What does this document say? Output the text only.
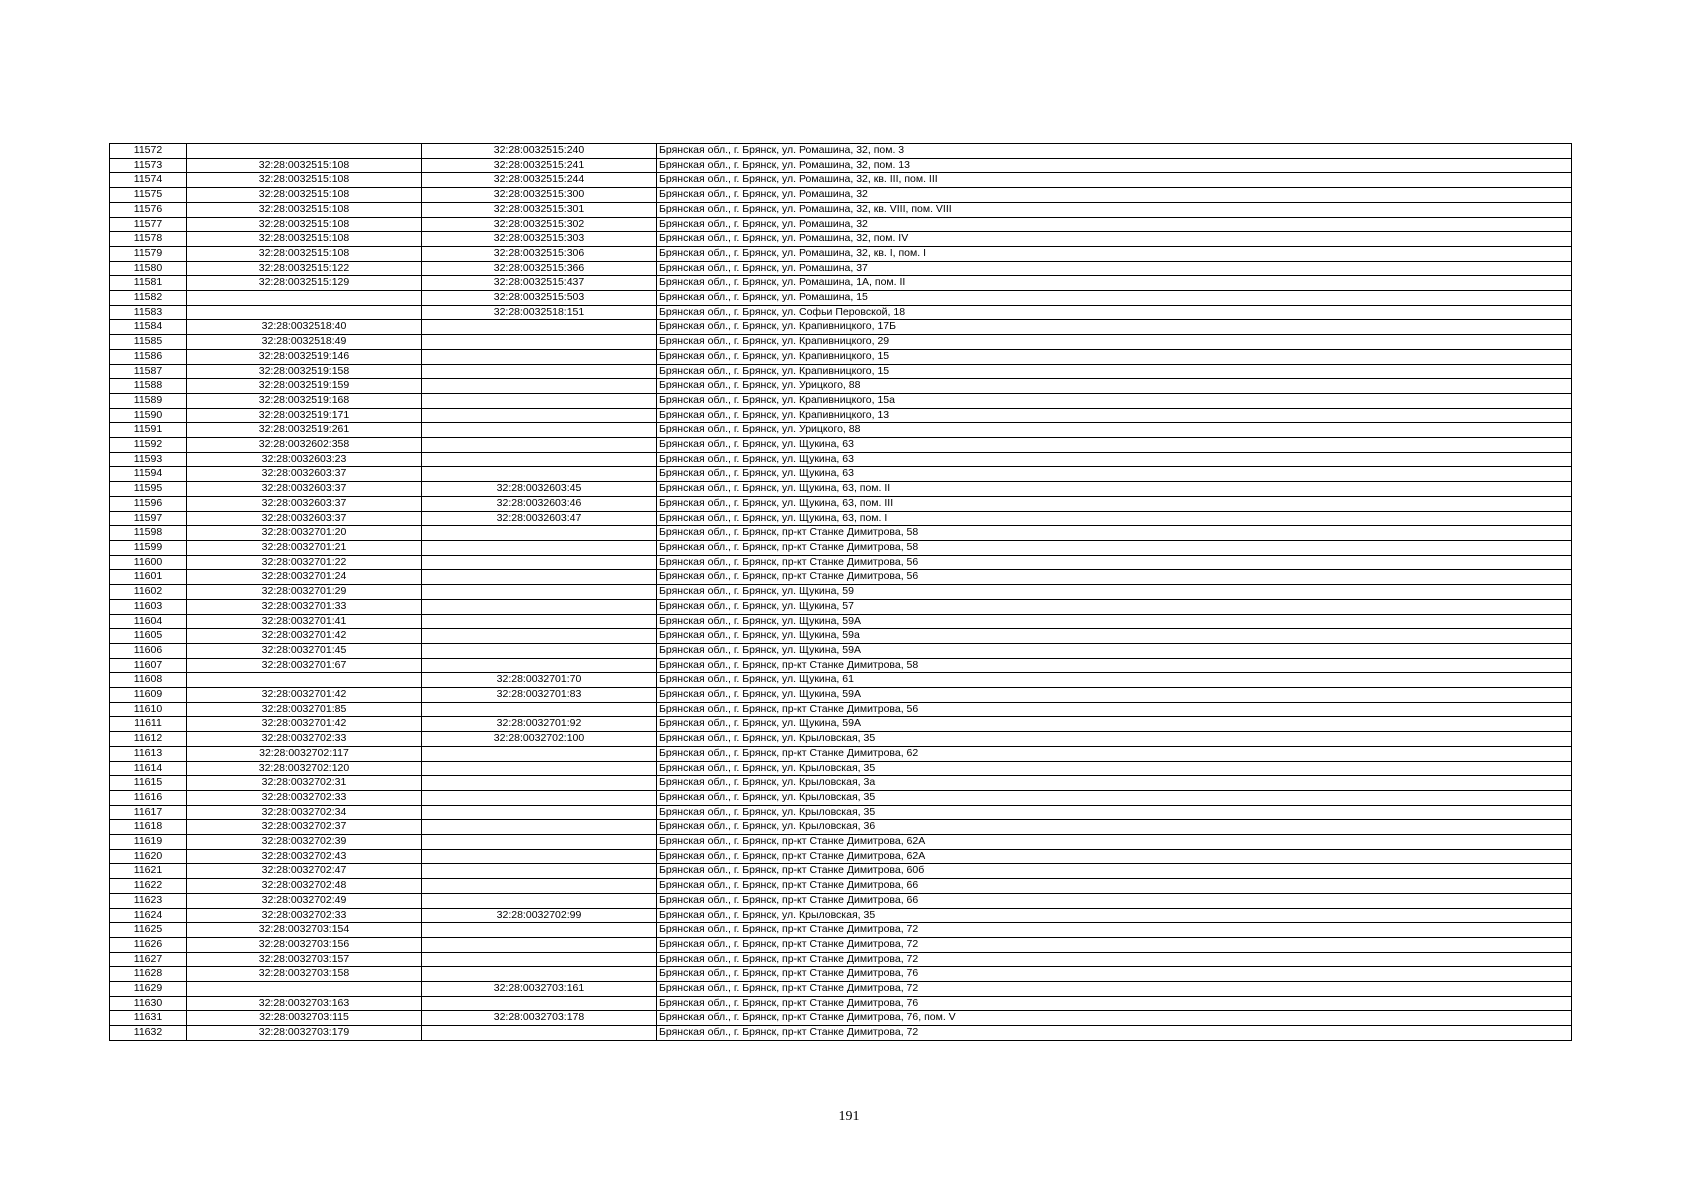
11572		32:28:0032515:240	Брянская обл., г. Брянск, ул. Ромашина, 32, пом. 3
11573	32:28:0032515:108	32:28:0032515:241	Брянская обл., г. Брянск, ул. Ромашина, 32, пом. 13
11574	32:28:0032515:108	32:28:0032515:244	Брянская обл., г. Брянск, ул. Ромашина, 32, кв. III, пом. III
11575	32:28:0032515:108	32:28:0032515:300	Брянская обл., г. Брянск, ул. Ромашина, 32
11576	32:28:0032515:108	32:28:0032515:301	Брянская обл., г. Брянск, ул. Ромашина, 32, кв. VIII, пом. VIII
11577	32:28:0032515:108	32:28:0032515:302	Брянская обл., г. Брянск, ул. Ромашина, 32
11578	32:28:0032515:108	32:28:0032515:303	Брянская обл., г. Брянск, ул. Ромашина, 32, пом. IV
11579	32:28:0032515:108	32:28:0032515:306	Брянская обл., г. Брянск, ул. Ромашина, 32, кв. I, пом. I
11580	32:28:0032515:122	32:28:0032515:366	Брянская обл., г. Брянск, ул. Ромашина, 37
11581	32:28:0032515:129	32:28:0032515:437	Брянская обл., г. Брянск, ул. Ромашина, 1А, пом. II
11582		32:28:0032515:503	Брянская обл., г. Брянск, ул. Ромашина, 15
11583		32:28:0032518:151	Брянская обл., г. Брянск, ул. Софьи Перовской, 18
11584	32:28:0032518:40		Брянская обл., г. Брянск, ул. Крапивницкого, 17Б
11585	32:28:0032518:49		Брянская обл., г. Брянск, ул. Крапивницкого, 29
11586	32:28:0032519:146		Брянская обл., г. Брянск, ул. Крапивницкого, 15
11587	32:28:0032519:158		Брянская обл., г. Брянск, ул. Крапивницкого, 15
11588	32:28:0032519:159		Брянская обл., г. Брянск, ул. Урицкого, 88
11589	32:28:0032519:168		Брянская обл., г. Брянск, ул. Крапивницкого, 15а
11590	32:28:0032519:171		Брянская обл., г. Брянск, ул. Крапивницкого, 13
11591	32:28:0032519:261		Брянская обл., г. Брянск, ул. Урицкого, 88
11592	32:28:0032602:358		Брянская обл., г. Брянск, ул. Щукина, 63
11593	32:28:0032603:23		Брянская обл., г. Брянск, ул. Щукина, 63
11594	32:28:0032603:37		Брянская обл., г. Брянск, ул. Щукина, 63
11595	32:28:0032603:37	32:28:0032603:45	Брянская обл., г. Брянск, ул. Щукина, 63, пом. II
11596	32:28:0032603:37	32:28:0032603:46	Брянская обл., г. Брянск, ул. Щукина, 63, пом. III
11597	32:28:0032603:37	32:28:0032603:47	Брянская обл., г. Брянск, ул. Щукина, 63, пом. I
11598	32:28:0032701:20		Брянская обл., г. Брянск, пр-кт Станке Димитрова, 58
11599	32:28:0032701:21		Брянская обл., г. Брянск, пр-кт Станке Димитрова, 58
11600	32:28:0032701:22		Брянская обл., г. Брянск, пр-кт Станке Димитрова, 56
11601	32:28:0032701:24		Брянская обл., г. Брянск, пр-кт Станке Димитрова, 56
11602	32:28:0032701:29		Брянская обл., г. Брянск, ул. Щукина, 59
11603	32:28:0032701:33		Брянская обл., г. Брянск, ул. Щукина, 57
11604	32:28:0032701:41		Брянская обл., г. Брянск, ул. Щукина, 59А
11605	32:28:0032701:42		Брянская обл., г. Брянск, ул. Щукина, 59а
11606	32:28:0032701:45		Брянская обл., г. Брянск, ул. Щукина, 59А
11607	32:28:0032701:67		Брянская обл., г. Брянск, пр-кт Станке Димитрова, 58
11608		32:28:0032701:70	Брянская обл., г. Брянск, ул. Щукина, 61
11609	32:28:0032701:42	32:28:0032701:83	Брянская обл., г. Брянск, ул. Щукина, 59А
11610	32:28:0032701:85		Брянская обл., г. Брянск, пр-кт Станке Димитрова, 56
11611	32:28:0032701:42	32:28:0032701:92	Брянская обл., г. Брянск, ул. Щукина, 59А
11612	32:28:0032702:33	32:28:0032702:100	Брянская обл., г. Брянск, ул. Крыловская, 35
11613	32:28:0032702:117		Брянская обл., г. Брянск, пр-кт Станке Димитрова, 62
11614	32:28:0032702:120		Брянская обл., г. Брянск, ул. Крыловская, 35
11615	32:28:0032702:31		Брянская обл., г. Брянск, ул. Крыловская, 3а
11616	32:28:0032702:33		Брянская обл., г. Брянск, ул. Крыловская, 35
11617	32:28:0032702:34		Брянская обл., г. Брянск, ул. Крыловская, 35
11618	32:28:0032702:37		Брянская обл., г. Брянск, ул. Крыловская, 36
11619	32:28:0032702:39		Брянская обл., г. Брянск, пр-кт Станке Димитрова, 62А
11620	32:28:0032702:43		Брянская обл., г. Брянск, пр-кт Станке Димитрова, 62А
11621	32:28:0032702:47		Брянская обл., г. Брянск, пр-кт Станке Димитрова, 60б
11622	32:28:0032702:48		Брянская обл., г. Брянск, пр-кт Станке Димитрова, 66
11623	32:28:0032702:49		Брянская обл., г. Брянск, пр-кт Станке Димитрова, 66
11624	32:28:0032702:33	32:28:0032702:99	Брянская обл., г. Брянск, ул. Крыловская, 35
11625	32:28:0032703:154		Брянская обл., г. Брянск, пр-кт Станке Димитрова, 72
11626	32:28:0032703:156		Брянская обл., г. Брянск, пр-кт Станке Димитрова, 72
11627	32:28:0032703:157		Брянская обл., г. Брянск, пр-кт Станке Димитрова, 72
11628	32:28:0032703:158		Брянская обл., г. Брянск, пр-кт Станке Димитрова, 76
11629		32:28:0032703:161	Брянская обл., г. Брянск, пр-кт Станке Димитрова, 72
11630	32:28:0032703:163		Брянская обл., г. Брянск, пр-кт Станке Димитрова, 76
11631	32:28:0032703:115	32:28:0032703:178	Брянская обл., г. Брянск, пр-кт Станке Димитрова, 76, пом. V
11632	32:28:0032703:179		Брянская обл., г. Брянск, пр-кт Станке Димитрова, 72
191
